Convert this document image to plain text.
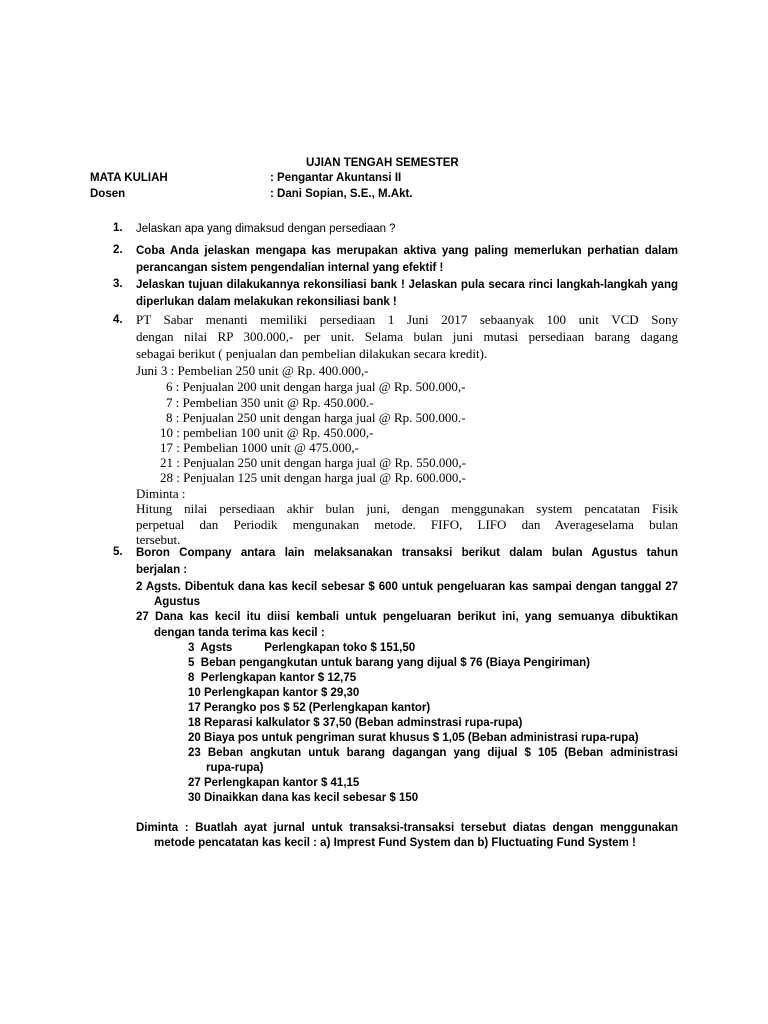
UJIAN TENGAH SEMESTER
MATA KULIAH	: Pengantar Akuntansi II
Dosen	: Dani Sopian, S.E., M.Akt.
1. Jelaskan apa yang dimaksud dengan persediaan ?
2. Coba Anda jelaskan mengapa kas merupakan aktiva yang paling memerlukan perhatian dalam
perancangan sistem pengendalian internal yang efektif !
3. Jelaskan tujuan dilakukannya rekonsiliasi bank ! Jelaskan pula secara rinci langkah-langkah yang
diperlukan dalam melakukan rekonsiliasi bank !
4. PT Sabar menanti memiliki persediaan 1 Juni 2017 sebaanyak 100 unit VCD Sony
dengan nilai RP 300.000,- per unit. Selama bulan juni mutasi persediaan barang dagang
sebagai berikut ( penjualan dan pembelian dilakukan secara kredit).
Juni 3 : Pembelian 250 unit @ Rp. 400.000,-
6 : Penjualan 200 unit dengan harga jual @ Rp. 500.000,-
7 : Pembelian 350 unit @ Rp. 450.000.-
8 : Penjualan 250 unit dengan harga jual @ Rp. 500.000.-
10 : pembelian 100 unit @ Rp. 450.000,-
17 : Pembelian 1000 unit @ 475.000,-
21 : Penjualan 250 unit dengan harga jual @ Rp. 550.000,-
28 : Penjualan 125 unit dengan harga jual @ Rp. 600.000,-
Diminta :
Hitung nilai persediaan akhir bulan juni, dengan menggunakan system pencatatan Fisik
perpetual dan Periodik mengunakan metode. FIFO, LIFO dan Averageselama bulan
tersebut.
5. Boron Company antara lain melaksanakan transaksi berikut dalam bulan Agustus tahun
berjalan :
2 Agsts. Dibentuk dana kas kecil sebesar $ 600 untuk pengeluaran kas sampai dengan tanggal 27
Agustus
27 Dana kas kecil itu diisi kembali untuk pengeluaran berikut ini, yang semuanya dibuktikan
dengan tanda terima kas kecil :
3  Agsts          Perlengkapan toko $ 151,50
5  Beban pengangkutan untuk barang yang dijual $ 76 (Biaya Pengiriman)
8  Perlengkapan kantor $ 12,75
10 Perlengkapan kantor $ 29,30
17 Perangko pos $ 52 (Perlengkapan kantor)
18 Reparasi kalkulator $ 37,50 (Beban adminstrasi rupa-rupa)
20 Biaya pos untuk pengriman surat khusus $ 1,05 (Beban administrasi rupa-rupa)
23 Beban angkutan untuk barang dagangan yang dijual $ 105 (Beban administrasi
rupa-rupa)
27 Perlengkapan kantor $ 41,15
30 Dinaikkan dana kas kecil sebesar $ 150
Diminta : Buatlah ayat jurnal untuk transaksi-transaksi tersebut diatas dengan menggunakan
metode pencatatan kas kecil : a) Imprest Fund System dan b) Fluctuating Fund System !
